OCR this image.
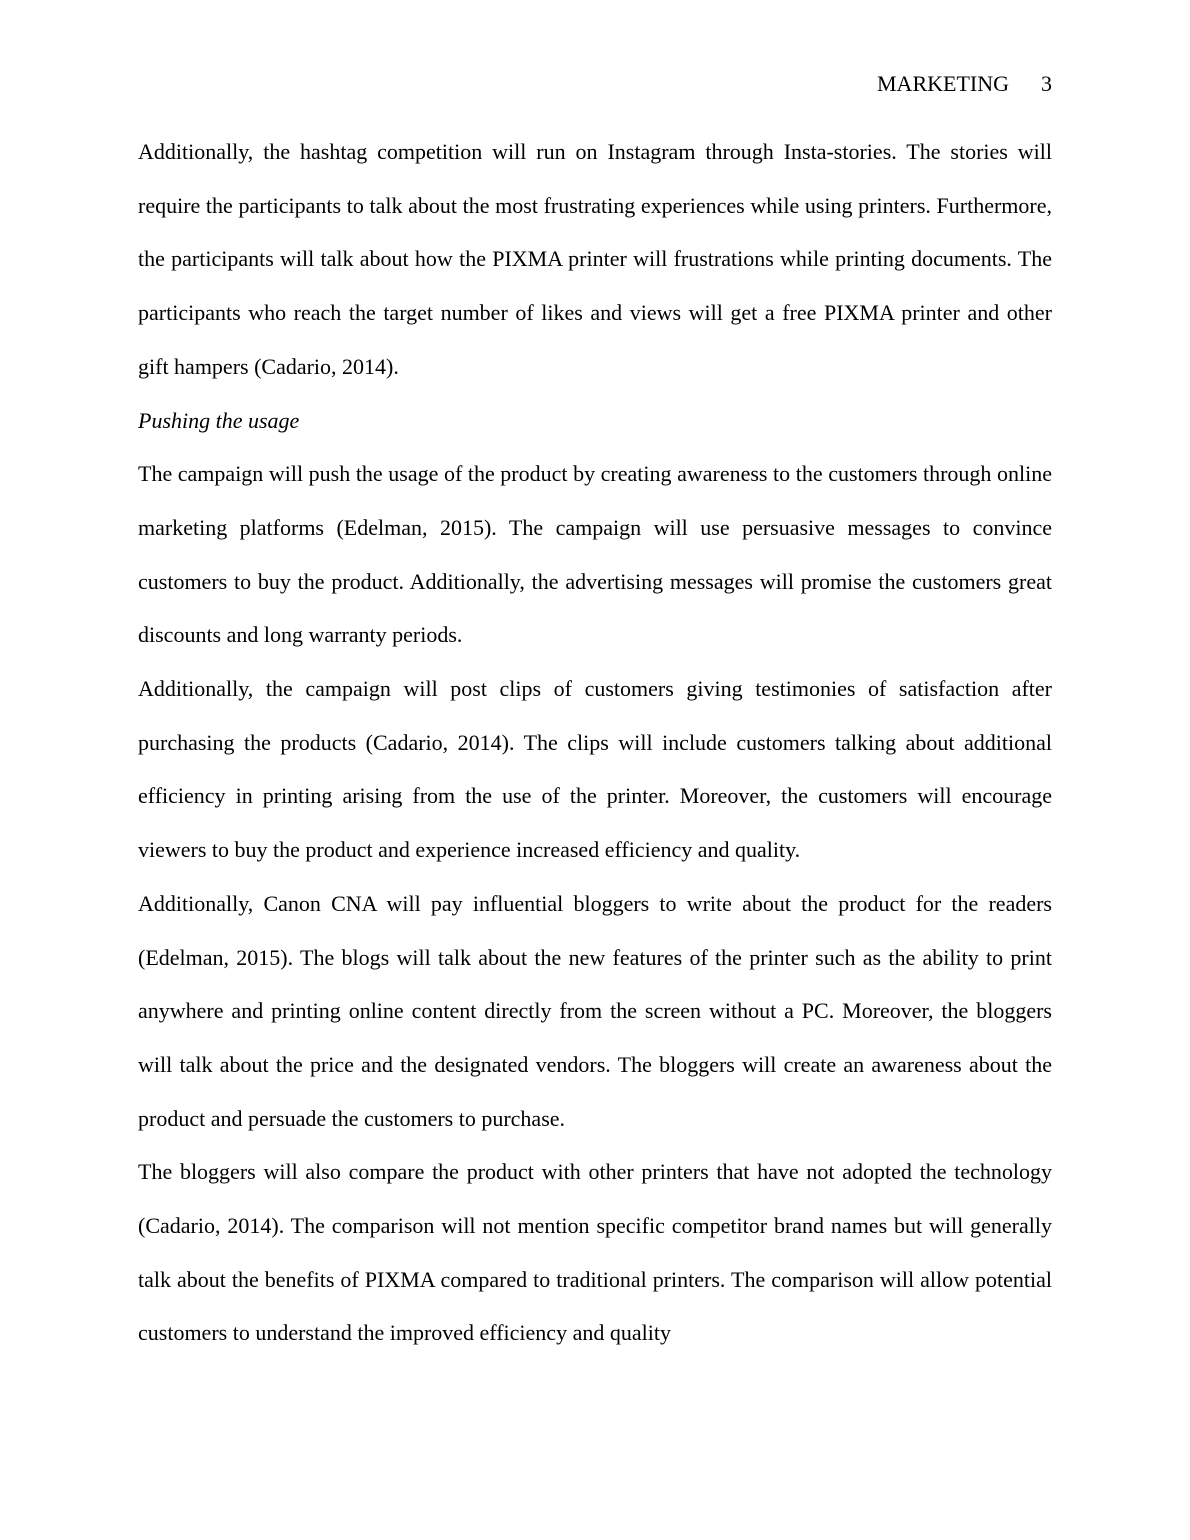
MARKETING 3

Additionally, the hashtag competition will run on Instagram through Insta-stories. The stories will require the participants to talk about the most frustrating experiences while using printers. Furthermore, the participants will talk about how the PIXMA printer will frustrations while printing documents. The participants who reach the target number of likes and views will get a free PIXMA printer and other gift hampers (Cadario, 2014).

Pushing the usage

The campaign will push the usage of the product by creating awareness to the customers through online marketing platforms (Edelman, 2015). The campaign will use persuasive messages to convince customers to buy the product. Additionally, the advertising messages will promise the customers great discounts and long warranty periods.

Additionally, the campaign will post clips of customers giving testimonies of satisfaction after purchasing the products (Cadario, 2014). The clips will include customers talking about additional efficiency in printing arising from the use of the printer. Moreover, the customers will encourage viewers to buy the product and experience increased efficiency and quality.

Additionally, Canon CNA will pay influential bloggers to write about the product for the readers (Edelman, 2015). The blogs will talk about the new features of the printer such as the ability to print anywhere and printing online content directly from the screen without a PC. Moreover, the bloggers will talk about the price and the designated vendors. The bloggers will create an awareness about the product and persuade the customers to purchase.

The bloggers will also compare the product with other printers that have not adopted the technology (Cadario, 2014). The comparison will not mention specific competitor brand names but will generally talk about the benefits of PIXMA compared to traditional printers. The comparison will allow potential customers to understand the improved efficiency and quality
